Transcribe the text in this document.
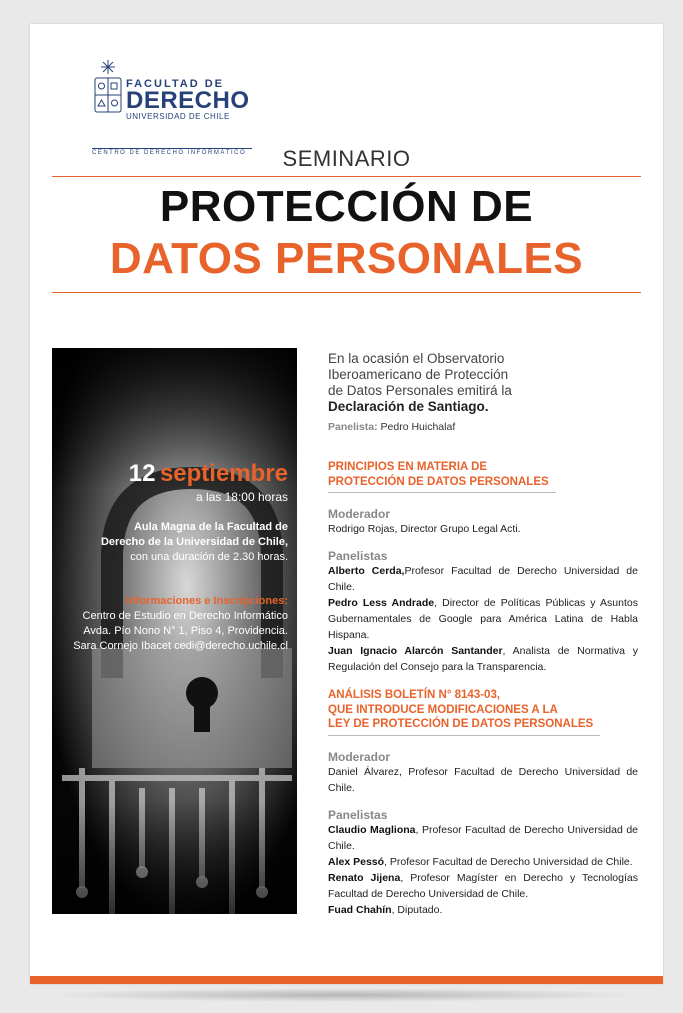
FACULTAD DE
DERECHO
UNIVERSIDAD DE CHILE
CENTRO DE DERECHO INFORMÁTICO	SEMINARIO
PROTECCIÓN DE
DATOS PERSONALES
12 septiembre
a las 18:00 horas
Aula Magna de la Facultad de
Derecho de la Universidad de Chile,
con una duración de 2.30 horas.
Informaciones e Inscripciones:
Centro de Estudio en Derecho Informático
Avda. Pío Nono N° 1, Piso 4, Providencia.
Sara Cornejo Ibacet cedi@derecho.uchile.cl
En la ocasión el Observatorio
Iberoamericano de Protección
de Datos Personales emitirá la
Declaración de Santiago.
Panelista: Pedro Huichalaf
PRINCIPIOS EN MATERIA DE
PROTECCIÓN DE DATOS PERSONALES
Moderador
Rodrigo Rojas, Director Grupo Legal Acti.
Panelistas
Alberto Cerda,Profesor Facultad de Derecho Universidad de Chile.
Pedro Less Andrade, Director de Políticas Públicas y Asuntos Gubernamentales de Google para América Latina de Habla Hispana.
Juan Ignacio Alarcón Santander, Analista de Normativa y Regulación del Consejo para la Transparencia.
ANÁLISIS BOLETÍN N° 8143-03,
QUE INTRODUCE MODIFICACIONES A LA
LEY DE PROTECCIÓN DE DATOS PERSONALES
Moderador
Daniel Álvarez, Profesor Facultad de Derecho Universidad de Chile.
Panelistas
Claudio Magliona, Profesor Facultad de Derecho Universidad de Chile.
Alex Pessó, Profesor Facultad de Derecho Universidad de Chile.
Renato Jijena, Profesor Magíster en Derecho y Tecnologías Facultad de Derecho Universidad de Chile.
Fuad Chahín, Diputado.
